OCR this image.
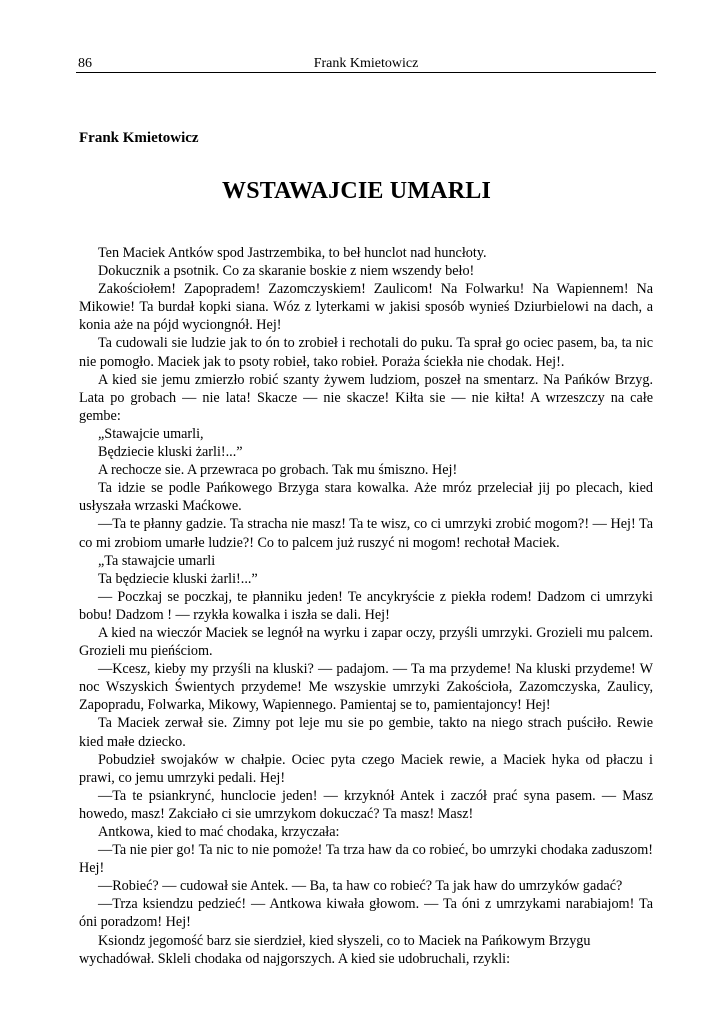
86	Frank Kmietowicz
Frank Kmietowicz
WSTAWAJCIE UMARLI

Ten Maciek Antków spod Jastrzembika, to beł hunclot nad huncłoty.

Dokucznik a psotnik. Co za skaranie boskie z niem wszendy beło!

Zakościołem! Zapopradem! Zazomczyskiem! Zaulicom! Na Folwarku! Na Wapiennem! Na Mikowie! Ta burdał kopki siana. Wóz z lyterkami w jakisi sposób wynieś Dziurbielowi na dach, a konia aże na pójd wyciongnół. Hej!

Ta cudowali sie ludzie jak to ón to zrobieł i rechotali do puku. Ta sprał go ociec pasem, ba, ta nic nie pomogło. Maciek jak to psoty robieł, tako robieł. Poraża ściekła nie chodak. Hej!.

A kied sie jemu zmierzło robić szanty żywem ludziom, poszeł na smentarz. Na Pańków Brzyg. Lata po grobach — nie lata! Skacze — nie skacze! Kiłta sie — nie kiłta! A wrzeszczy na całe gembe:

„Stawajcie umarli,

Będziecie kluski żarli!...”

A rechocze sie. A przewraca po grobach. Tak mu śmiszno. Hej!

Ta idzie se podle Pańkowego Brzyga stara kowalka. Aże mróz przeleciał jij po plecach, kied usłyszała wrzaski Maćkowe.

—Ta te płanny gadzie. Ta stracha nie masz! Ta te wisz, co ci umrzyki zrobić mogom?! — Hej! Ta co mi zrobiom umarłe ludzie?! Co to palcem już ruszyć ni mogom! rechotał Maciek.

„Ta stawajcie umarli

Ta będziecie kluski żarli!...”

— Poczkaj se poczkaj, te płanniku jeden! Te ancykryście z piekła rodem! Dadzom ci umrzyki bobu! Dadzom ! — rzykła kowalka i iszła se dali. Hej!

A kied na wieczór Maciek se legnół na wyrku i zapar oczy, przyśli umrzyki. Grozieli mu palcem. Grozieli mu pieńściom.

—Kcesz, kieby my przyśli na kluski? — padajom. — Ta ma przydeme! Na kluski przydeme! W noc Wszyskich Świentych przydeme! Me wszyskie umrzyki Zakościoła, Zazomczyska, Zaulicy, Zapopradu, Folwarka, Mikowy, Wapiennego. Pamientaj se to, pamientajoncy! Hej!

Ta Maciek zerwał sie. Zimny pot leje mu sie po gembie, takto na niego strach puściło. Rewie kied małe dziecko.

Pobudzieł swojaków w chałpie. Ociec pyta czego Maciek rewie, a Maciek hyka od płaczu i prawi, co jemu umrzyki pedali. Hej!

—Ta te psiankrynć, hunclocie jeden! — krzyknół Antek i zaczół prać syna pasem. — Masz howedo, masz! Zakciało ci sie umrzykom dokuczać? Ta masz! Masz!

Antkowa, kied to mać chodaka, krzyczała:

—Ta nie pier go! Ta nic to nie pomoże! Ta trza haw da co robieć, bo umrzyki chodaka zaduszom! Hej!

—Robieć? — cudował sie Antek. — Ba, ta haw co robieć? Ta jak haw do umrzyków gadać?

—Trza ksiendzu pedzieć! — Antkowa kiwała głowom. — Ta óni z umrzykami narabiajom! Ta óni poradzom! Hej!

Ksiondz jegomość barz sie sierdzieł, kied słyszeli, co to Maciek na Pańkowym Brzygu wychadówał. Skleli chodaka od najgorszych. A kied sie udobruchali, rzykli:
